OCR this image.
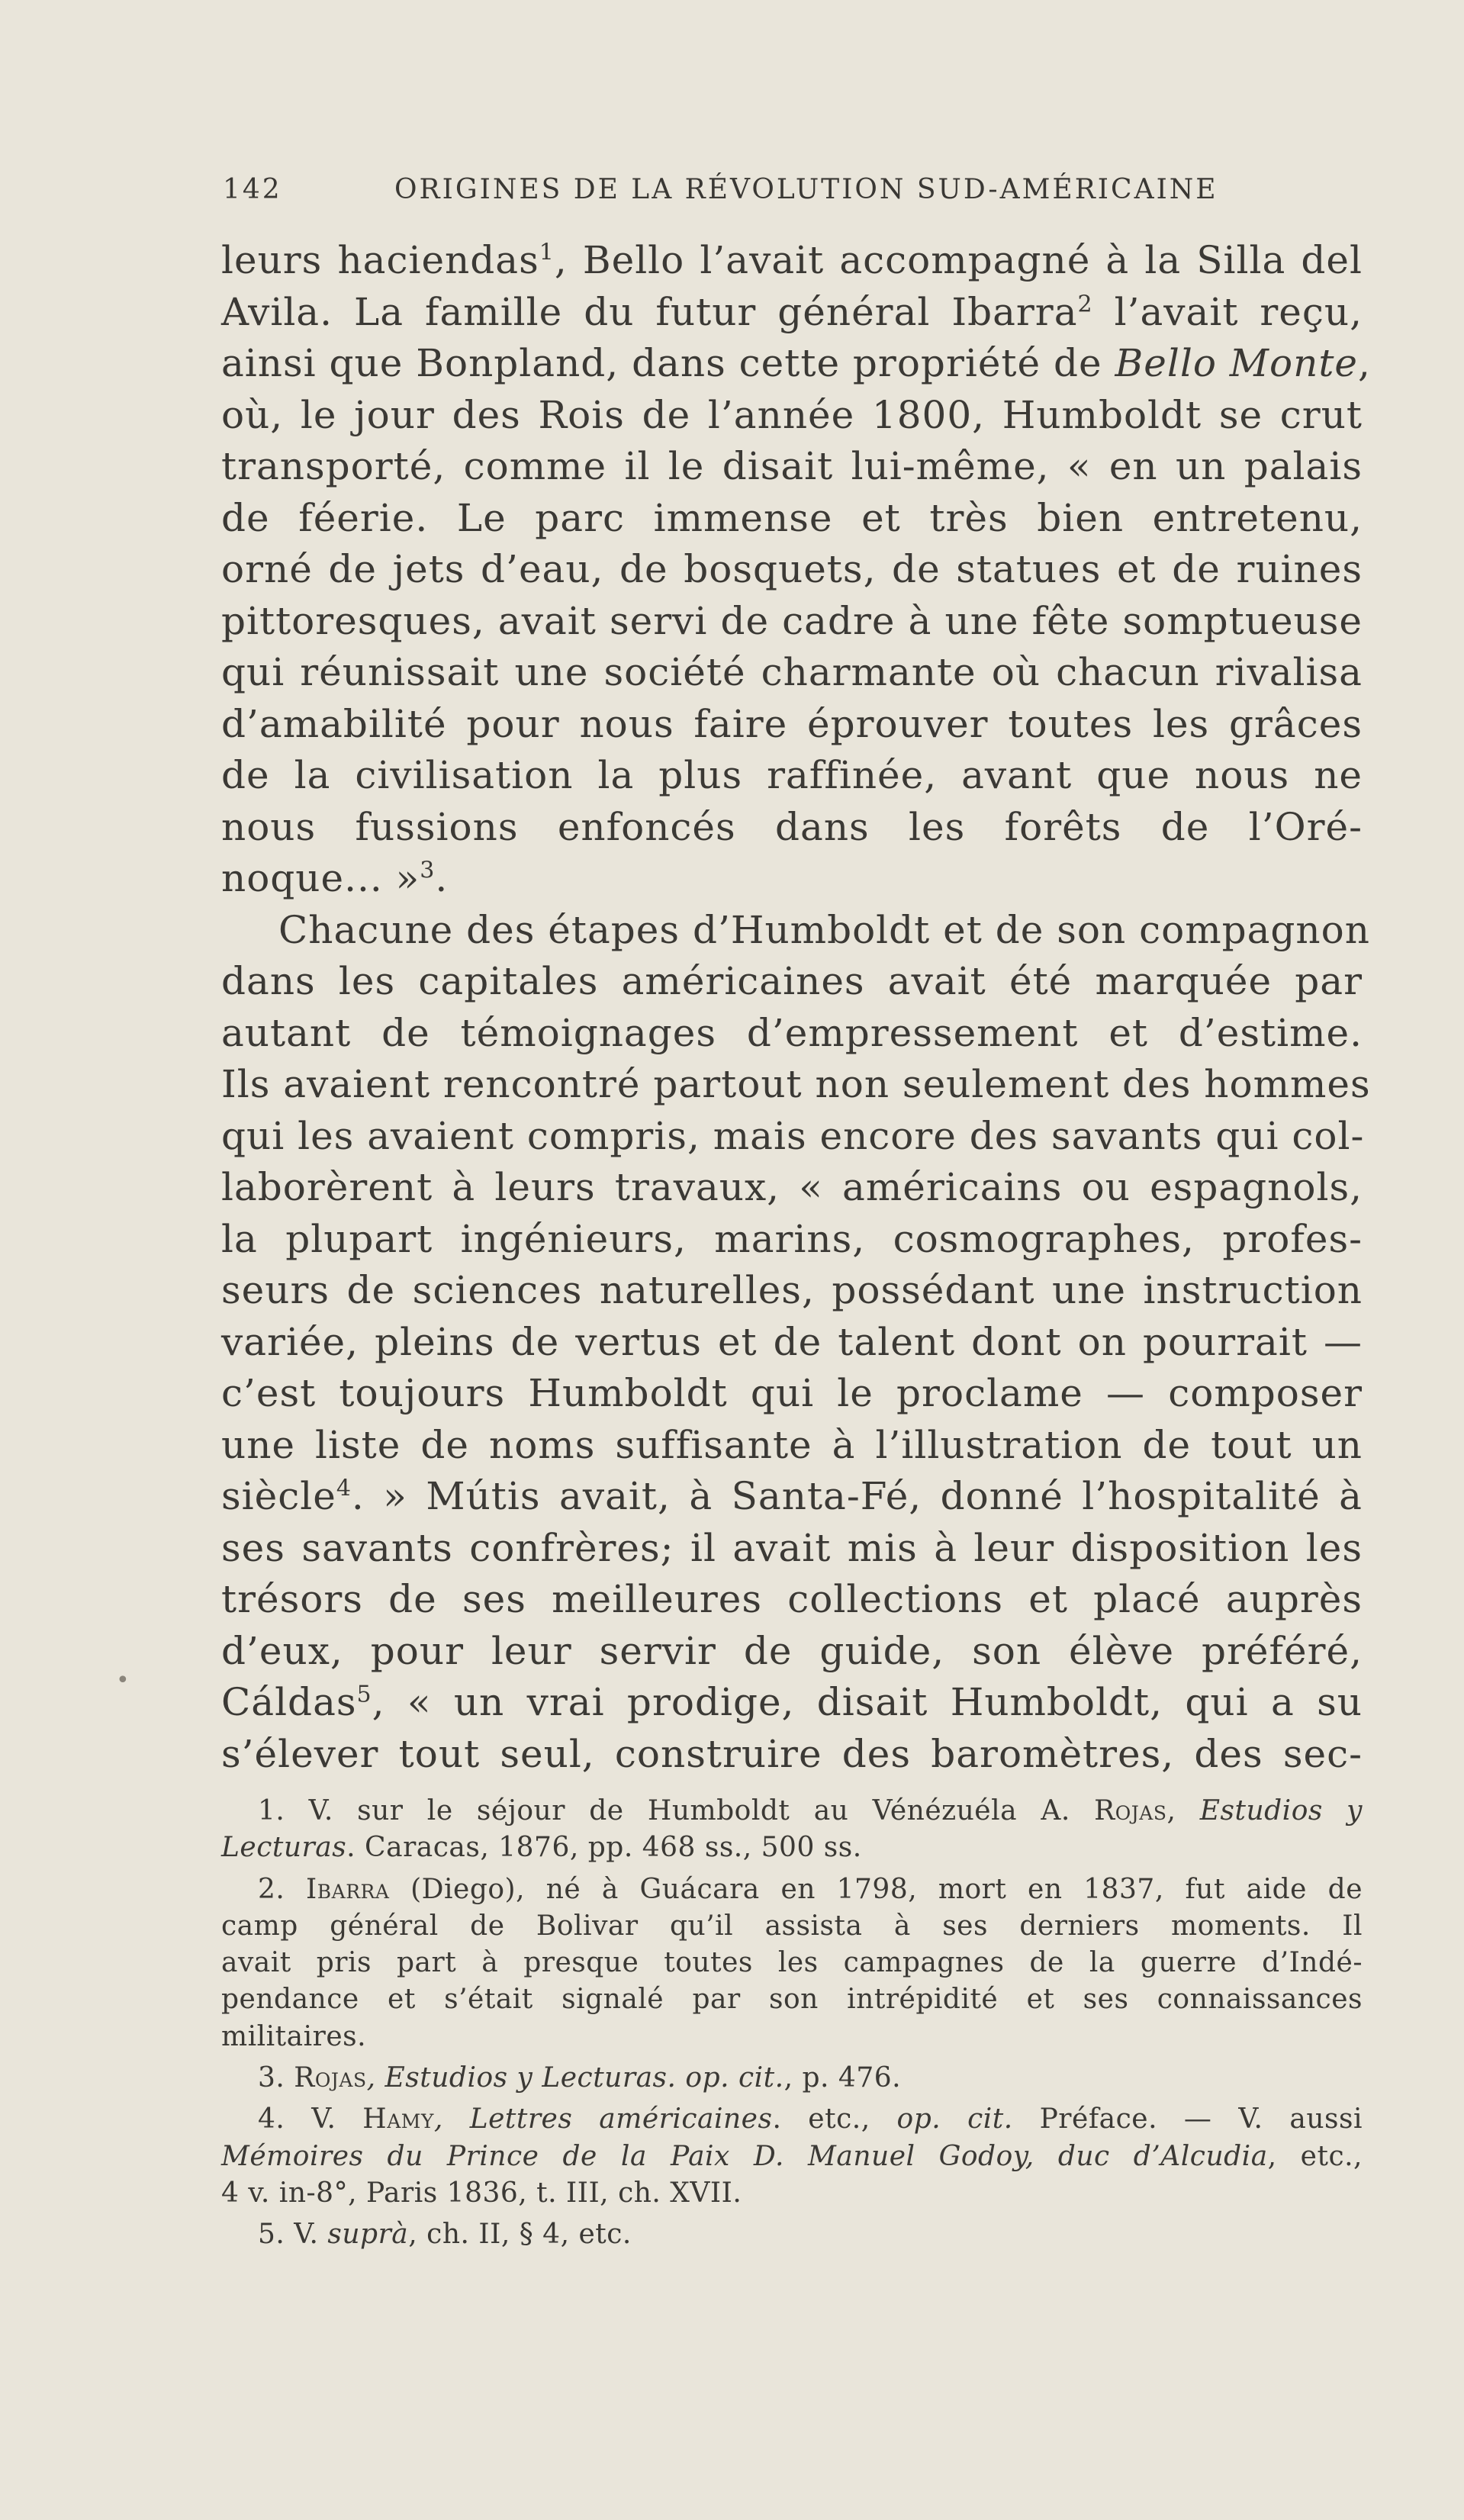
142	ORIGINES DE LA RÉVOLUTION SUD-AMÉRICAINE
•
leurs haciendas$^1$, Bello l’avait accompagné à la Silla del
Avila. La famille du futur général Ibarra$^2$ l’avait reçu,
ainsi que Bonpland, dans cette propriété de Bello Monte,
où, le jour des Rois de l’année 1800, Humboldt se crut
transporté, comme il le disait lui-même, « en un palais
de féerie. Le parc immense et très bien entretenu,
orné de jets d’eau, de bosquets, de statues et de ruines
pittoresques, avait servi de cadre à une fête somptueuse
qui réunissait une société charmante où chacun rivalisa
d’amabilité pour nous faire éprouver toutes les grâces
de la civilisation la plus raffinée, avant que nous ne
nous fussions enfoncés dans les forêts de l’Oré-
noque... »$^3$.
Chacune des étapes d’Humboldt et de son compagnon
dans les capitales américaines avait été marquée par
autant de témoignages d’empressement et d’estime.
Ils avaient rencontré partout non seulement des hommes
qui les avaient compris, mais encore des savants qui col-
laborèrent à leurs travaux, « américains ou espagnols,
la plupart ingénieurs, marins, cosmographes, profes-
seurs de sciences naturelles, possédant une instruction
variée, pleins de vertus et de talent dont on pourrait —
c’est toujours Humboldt qui le proclame — composer
une liste de noms suffisante à l’illustration de tout un
siècle$^4$. » Mútis avait, à Santa-Fé, donné l’hospitalité à
ses savants confrères; il avait mis à leur disposition les
trésors de ses meilleures collections et placé auprès
d’eux, pour leur servir de guide, son élève préféré,
Cáldas$^5$, « un vrai prodige, disait Humboldt, qui a su
s’élever tout seul, construire des baromètres, des sec-
1. V. sur le séjour de Humboldt au Vénézuéla A. Rojas, Estudios y
Lecturas. Caracas, 1876, pp. 468 ss., 500 ss.
2. Ibarra (Diego), né à Guácara en 1798, mort en 1837, fut aide de
camp général de Bolivar qu’il assista à ses derniers moments. Il
avait pris part à presque toutes les campagnes de la guerre d’Indé-
pendance et s’était signalé par son intrépidité et ses connaissances
militaires.
3. Rojas, Estudios y Lecturas. op. cit., p. 476.
4. V. Hamy, Lettres américaines. etc., op. cit. Préface. — V. aussi
Mémoires du Prince de la Paix D. Manuel Godoy, duc d’Alcudia, etc.,
4 v. in-8°, Paris 1836, t. III, ch. XVII.
5. V. suprà, ch. II, § 4, etc.
